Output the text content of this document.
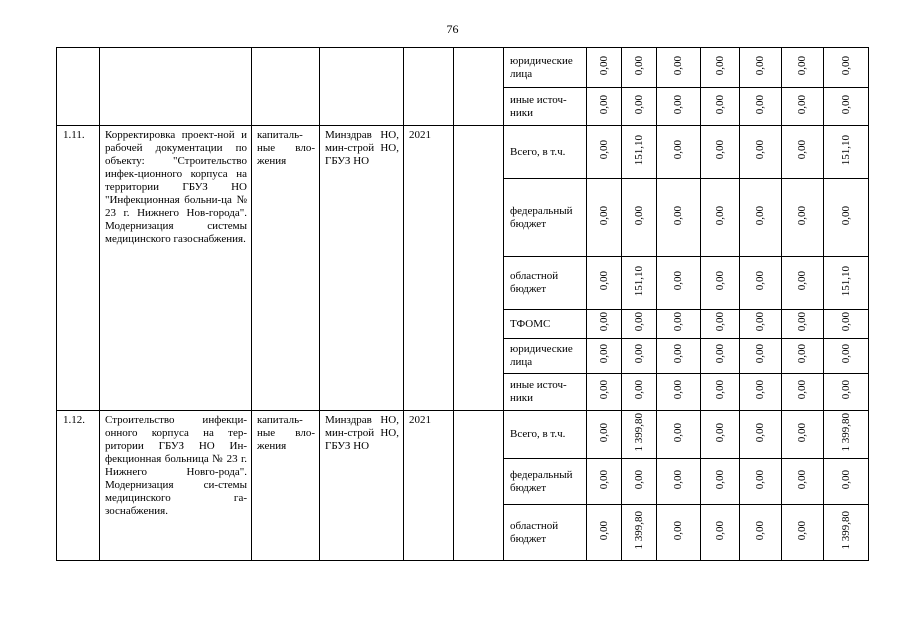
76
						юридические лица	0,00	0,00	0,00	0,00	0,00	0,00	0,00
						иные источ-ники	0,00	0,00	0,00	0,00	0,00	0,00	0,00
1.11.	Корректировка проект-ной и рабочей документации по объекту: "Строительство инфек-ционного корпуса на территории ГБУЗ НО "Инфекционная больни-ца № 23 г. Нижнего Нов-города". Модернизация системы медицинского газоснабжения.	капиталь-ные вло-жения	Минздрав НО, мин-строй НО, ГБУЗ НО	2021		Всего, в т.ч.	0,00	151,10	0,00	0,00	0,00	0,00	151,10
						федеральный бюджет	0,00	0,00	0,00	0,00	0,00	0,00	0,00
						областной бюджет	0,00	151,10	0,00	0,00	0,00	0,00	151,10
						ТФОМС	0,00	0,00	0,00	0,00	0,00	0,00	0,00
						юридические лица	0,00	0,00	0,00	0,00	0,00	0,00	0,00
						иные источ-ники	0,00	0,00	0,00	0,00	0,00	0,00	0,00
1.12.	Строительство инфекци-онного корпуса на тер-ритории ГБУЗ НО Ин-фекционная больница № 23 г. Нижнего Новго-рода". Модернизация си-стемы медицинского га-зоснабжения.	капиталь-ные вло-жения	Минздрав НО, мин-строй НО, ГБУЗ НО	2021		Всего, в т.ч.	0,00	1 399,80	0,00	0,00	0,00	0,00	1 399,80
						федеральный бюджет	0,00	0,00	0,00	0,00	0,00	0,00	0,00
						областной бюджет	0,00	1 399,80	0,00	0,00	0,00	0,00	1 399,80
